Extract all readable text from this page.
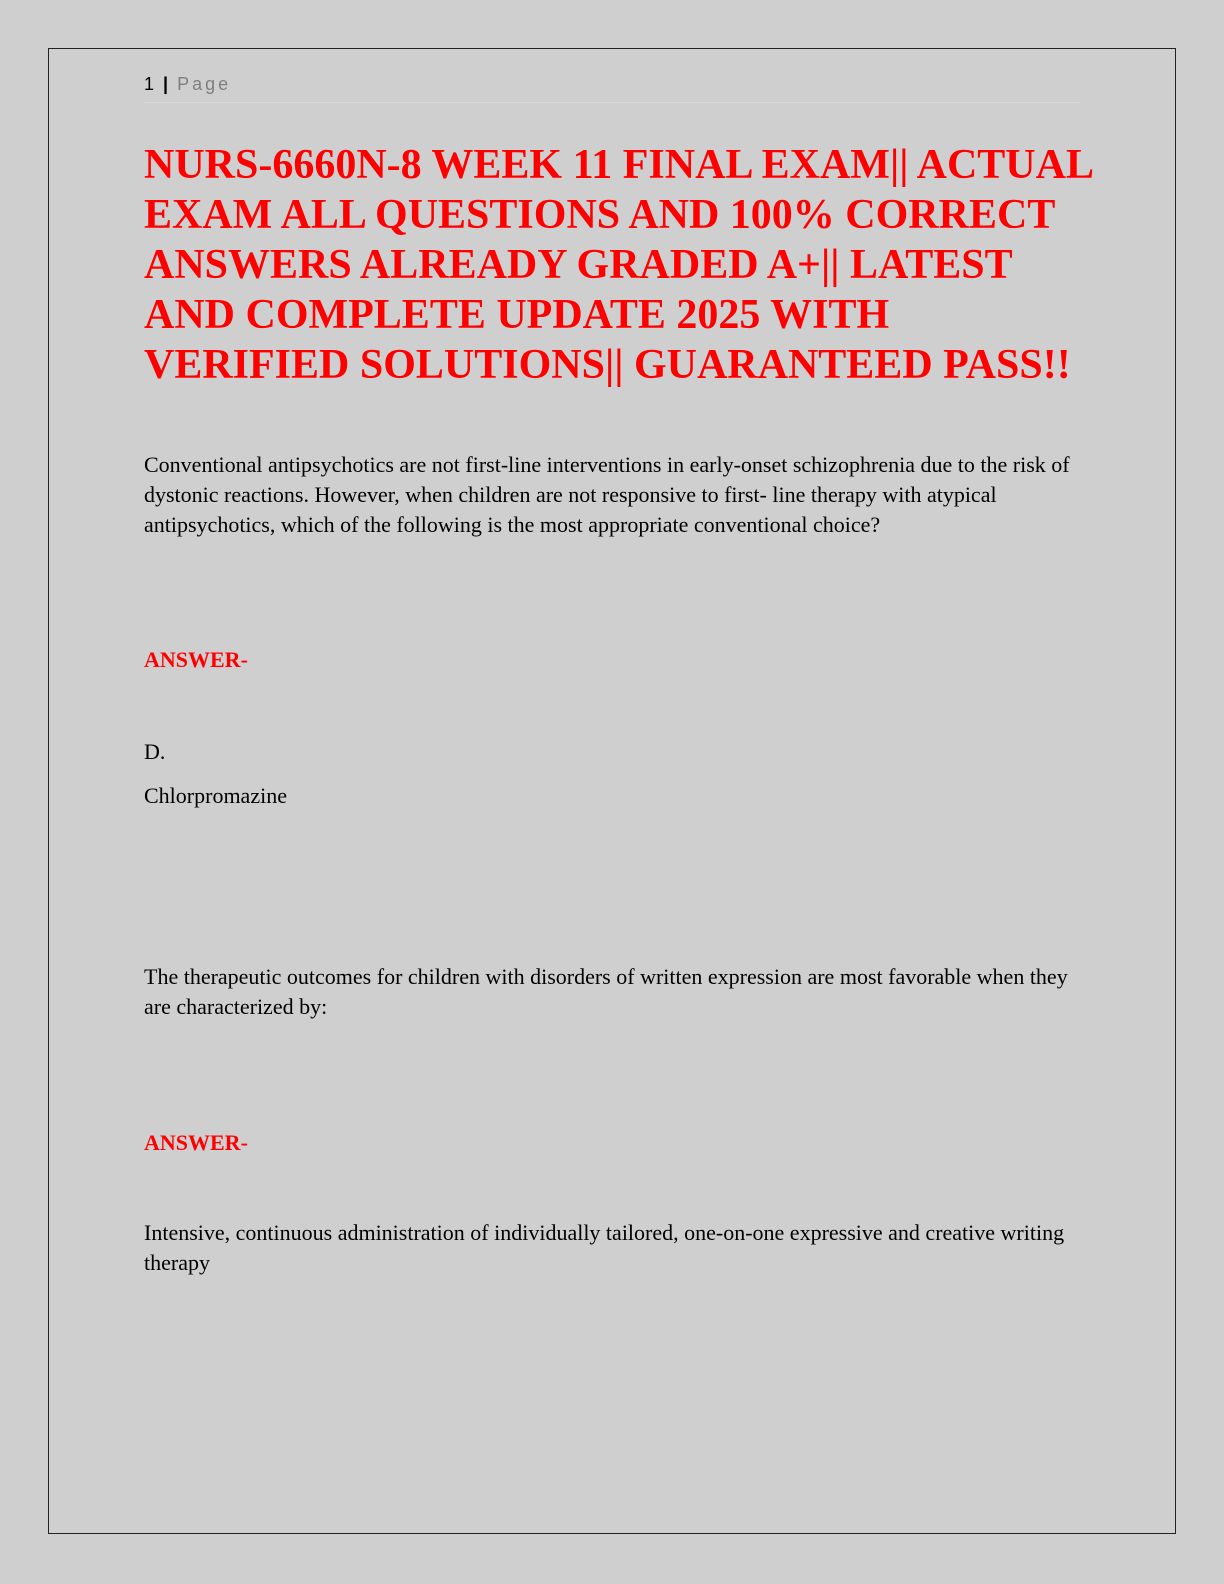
1 | Page
NURS-6660N-8 WEEK 11 FINAL EXAM|| ACTUAL EXAM ALL QUESTIONS AND 100% CORRECT ANSWERS ALREADY GRADED A+|| LATEST AND COMPLETE UPDATE 2025 WITH VERIFIED SOLUTIONS|| GUARANTEED PASS!!

Conventional antipsychotics are not first-line interventions in early-onset schizophrenia due to the risk of dystonic reactions. However, when children are not responsive to first- line therapy with atypical antipsychotics, which of the following is the most appropriate conventional choice?

ANSWER-

D.

Chlorpromazine

The therapeutic outcomes for children with disorders of written expression are most favorable when they are characterized by:

ANSWER-

Intensive, continuous administration of individually tailored, one-on-one expressive and creative writing therapy
